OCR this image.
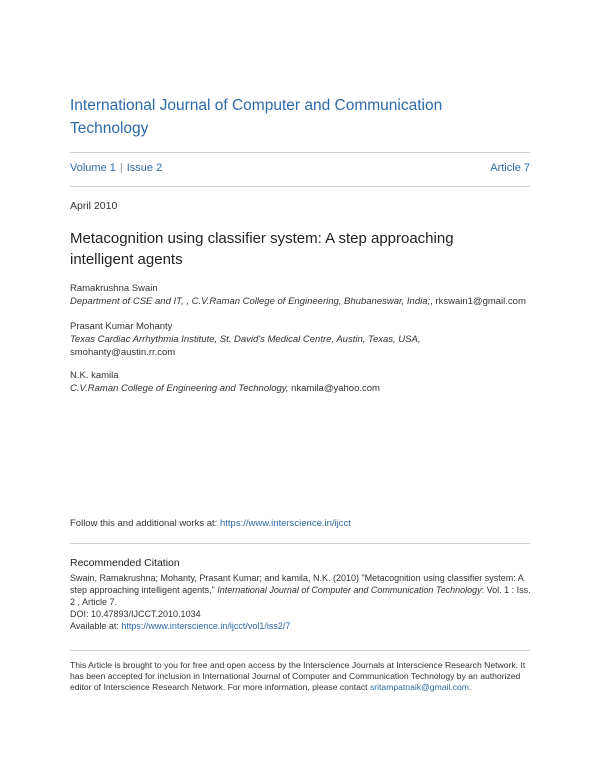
International Journal of Computer and Communication
Technology
Volume 1 | Issue 2	Article 7
April 2010
Metacognition using classifier system: A step approaching
intelligent agents
Ramakrushna Swain
Department of CSE and IT, , C.V.Raman College of Engineering, Bhubaneswar, India;, rkswain1@gmail.com
Prasant Kumar Mohanty
Texas Cardiac Arrhythmia Institute, St. David's Medical Centre, Austin, Texas, USA,
smohanty@austin.rr.com
N.K. kamila
C.V.Raman College of Engineering and Technology, nkamila@yahoo.com
Follow this and additional works at: https://www.interscience.in/ijcct
Recommended Citation
Swain, Ramakrushna; Mohanty, Prasant Kumar; and kamila, N.K. (2010) "Metacognition using classifier system: A step approaching intelligent agents," International Journal of Computer and Communication Technology: Vol. 1 : Iss. 2 , Article 7.
DOI: 10.47893/IJCCT.2010.1034
Available at: https://www.interscience.in/ijcct/vol1/iss2/7
This Article is brought to you for free and open access by the Interscience Journals at Interscience Research Network. It has been accepted for inclusion in International Journal of Computer and Communication Technology by an authorized editor of Interscience Research Network. For more information, please contact sritampatnaik@gmail.com.
